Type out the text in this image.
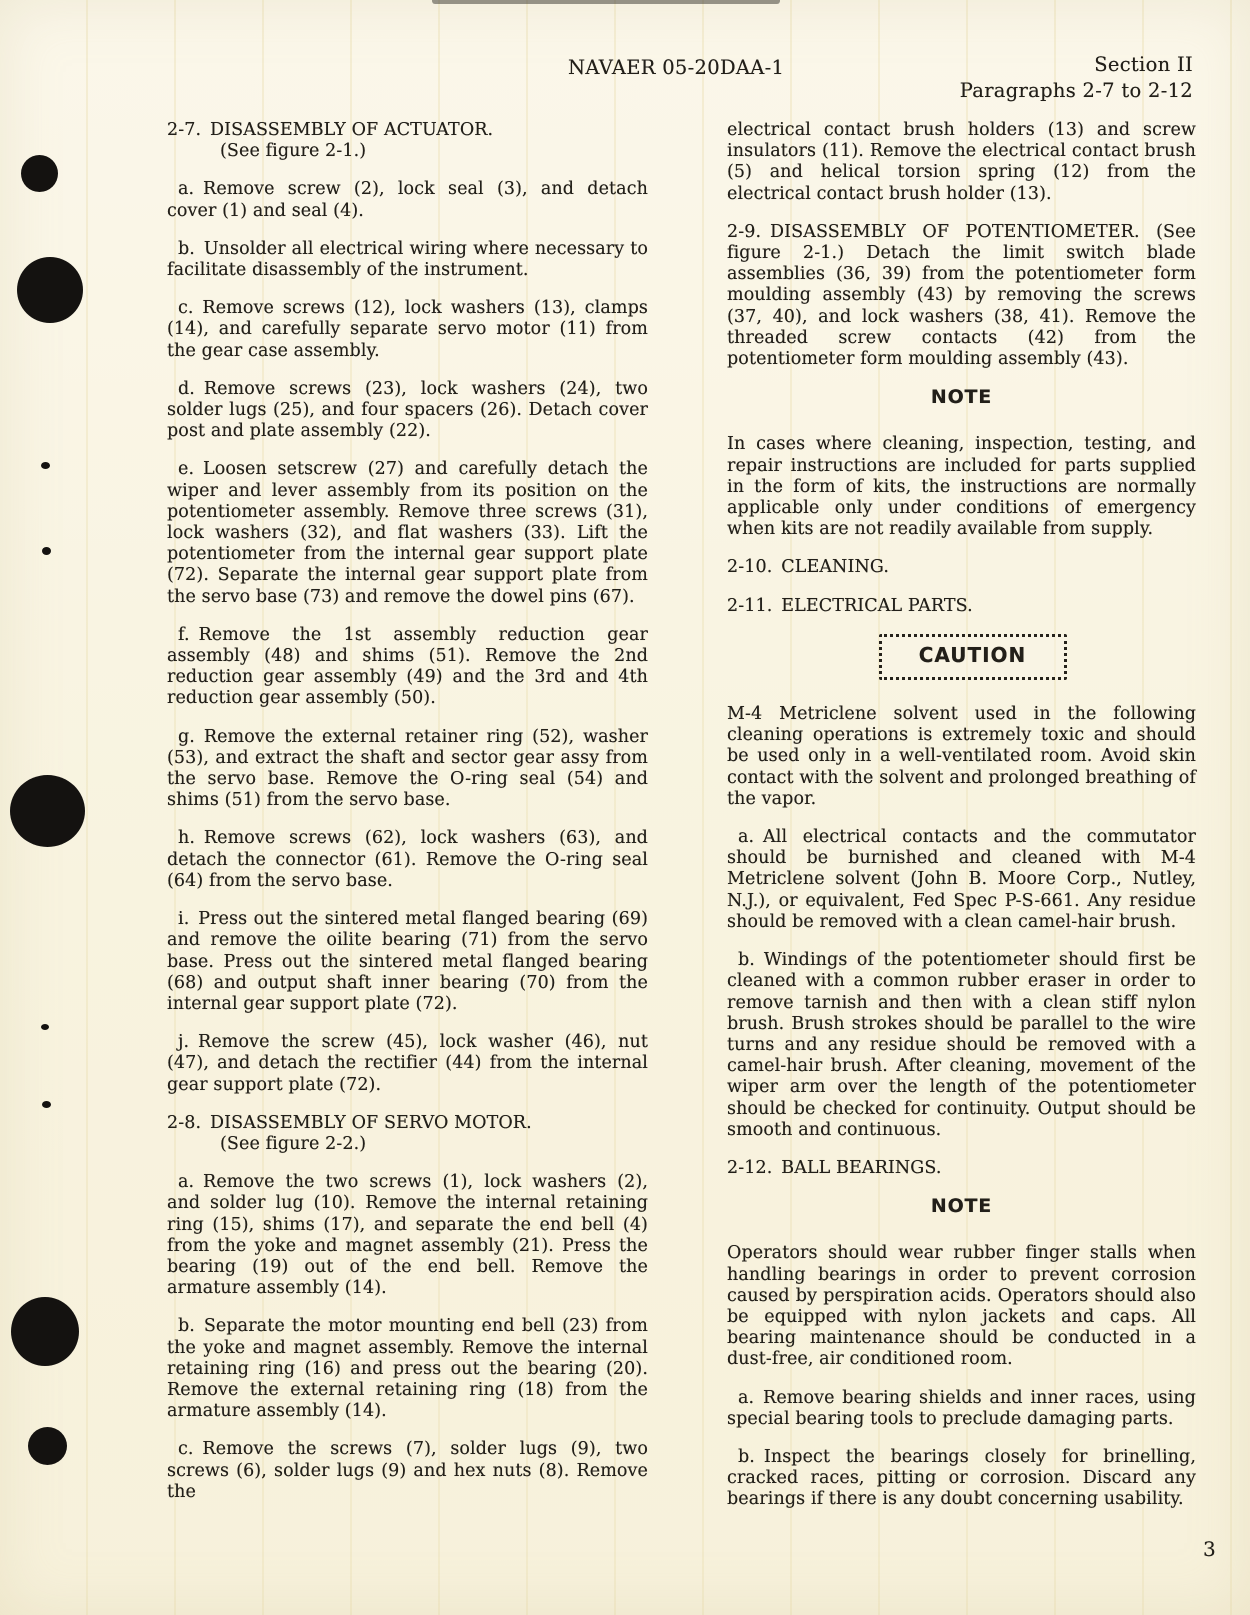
NAVAER 05-20DAA-1	Section II
Paragraphs 2-7 to 2-12

2-7. DISASSEMBLY OF ACTUATOR.

(See figure 2-1.)

a. Remove screw (2), lock seal (3), and detach cover (1) and seal (4).

b. Unsolder all electrical wiring where necessary to facilitate disassembly of the instrument.

c. Remove screws (12), lock washers (13), clamps (14), and carefully separate servo motor (11) from the gear case assembly.

d. Remove screws (23), lock washers (24), two solder lugs (25), and four spacers (26). Detach cover post and plate assembly (22).

e. Loosen setscrew (27) and carefully detach the wiper and lever assembly from its position on the potentiometer assembly. Remove three screws (31), lock washers (32), and flat washers (33). Lift the potentiometer from the internal gear support plate (72). Separate the internal gear support plate from the servo base (73) and remove the dowel pins (67).

f. Remove the 1st assembly reduction gear assembly (48) and shims (51). Remove the 2nd reduction gear assembly (49) and the 3rd and 4th reduction gear assembly (50).

g. Remove the external retainer ring (52), washer (53), and extract the shaft and sector gear assy from the servo base. Remove the O-ring seal (54) and shims (51) from the servo base.

h. Remove screws (62), lock washers (63), and detach the connector (61). Remove the O-ring seal (64) from the servo base.

i. Press out the sintered metal flanged bearing (69) and remove the oilite bearing (71) from the servo base. Press out the sintered metal flanged bearing (68) and output shaft inner bearing (70) from the internal gear support plate (72).

j. Remove the screw (45), lock washer (46), nut (47), and detach the rectifier (44) from the internal gear support plate (72).

2-8. DISASSEMBLY OF SERVO MOTOR.

(See figure 2-2.)

a. Remove the two screws (1), lock washers (2), and solder lug (10). Remove the internal retaining ring (15), shims (17), and separate the end bell (4) from the yoke and magnet assembly (21). Press the bearing (19) out of the end bell. Remove the armature assembly (14).

b. Separate the motor mounting end bell (23) from the yoke and magnet assembly. Remove the internal retaining ring (16) and press out the bearing (20). Remove the external retaining ring (18) from the armature assembly (14).

c. Remove the screws (7), solder lugs (9), two screws (6), solder lugs (9) and hex nuts (8). Remove the

electrical contact brush holders (13) and screw insulators (11). Remove the electrical contact brush (5) and helical torsion spring (12) from the electrical contact brush holder (13).

2-9. DISASSEMBLY OF POTENTIOMETER. (See figure 2-1.) Detach the limit switch blade assemblies (36, 39) from the potentiometer form moulding assembly (43) by removing the screws (37, 40), and lock washers (38, 41). Remove the threaded screw contacts (42) from the potentiometer form moulding assembly (43).

NOTE

In cases where cleaning, inspection, testing, and repair instructions are included for parts supplied in the form of kits, the instructions are normally applicable only under conditions of emergency when kits are not readily available from supply.

2-10. CLEANING.

2-11. ELECTRICAL PARTS.

CAUTION

M-4 Metriclene solvent used in the following cleaning operations is extremely toxic and should be used only in a well-ventilated room. Avoid skin contact with the solvent and prolonged breathing of the vapor.

a. All electrical contacts and the commutator should be burnished and cleaned with M-4 Metriclene solvent (John B. Moore Corp., Nutley, N.J.), or equivalent, Fed Spec P-S-661. Any residue should be removed with a clean camel-hair brush.

b. Windings of the potentiometer should first be cleaned with a common rubber eraser in order to remove tarnish and then with a clean stiff nylon brush. Brush strokes should be parallel to the wire turns and any residue should be removed with a camel-hair brush. After cleaning, movement of the wiper arm over the length of the potentiometer should be checked for continuity. Output should be smooth and continuous.

2-12. BALL BEARINGS.

NOTE

Operators should wear rubber finger stalls when handling bearings in order to prevent corrosion caused by perspiration acids. Operators should also be equipped with nylon jackets and caps. All bearing maintenance should be conducted in a dust-free, air conditioned room.

a. Remove bearing shields and inner races, using special bearing tools to preclude damaging parts.

b. Inspect the bearings closely for brinelling, cracked races, pitting or corrosion. Discard any bearings if there is any doubt concerning usability.

3
